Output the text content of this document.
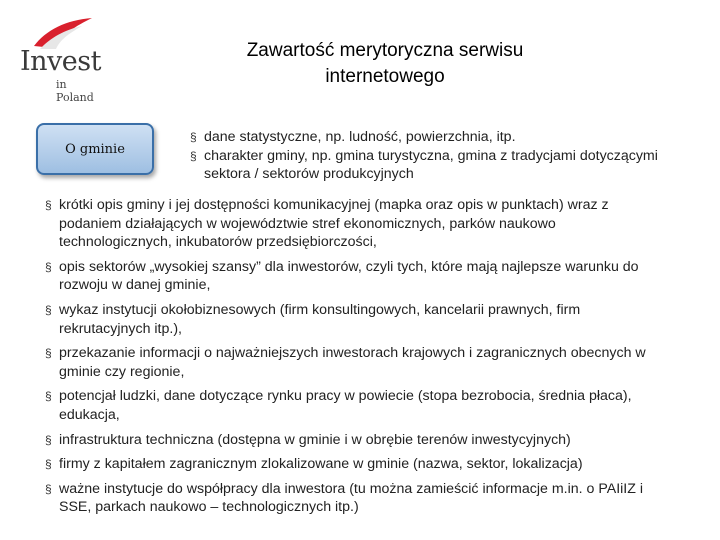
Invest
in Poland
Zawartość merytoryczna serwisu
internetowego
O gminie
§ dane statystyczne, np. ludność, powierzchnia, itp.
§ charakter gminy, np. gmina turystyczna, gmina z tradycjami dotyczącymi sektora / sektorów produkcyjnych
§ krótki opis gminy i jej dostępności komunikacyjnej (mapka oraz opis w punktach) wraz z podaniem działających w województwie stref ekonomicznych, parków naukowo technologicznych, inkubatorów przedsiębiorczości,
§ opis sektorów „wysokiej szansy” dla inwestorów, czyli tych, które mają najlepsze warunku do rozwoju w danej gminie,
§ wykaz instytucji okołobiznesowych (firm konsultingowych, kancelarii prawnych, firm rekrutacyjnych itp.),
§ przekazanie informacji o najważniejszych inwestorach krajowych i zagranicznych obecnych w gminie czy regionie,
§ potencjał ludzki, dane dotyczące rynku pracy w powiecie (stopa bezrobocia, średnia płaca), edukacja,
§ infrastruktura techniczna (dostępna w gminie i w obrębie terenów inwestycyjnych)
§ firmy z kapitałem zagranicznym zlokalizowane w gminie (nazwa, sektor, lokalizacja)
§ ważne instytucje do współpracy dla inwestora (tu można zamieścić informacje m.in. o PAIiIZ i SSE, parkach naukowo – technologicznych itp.)
